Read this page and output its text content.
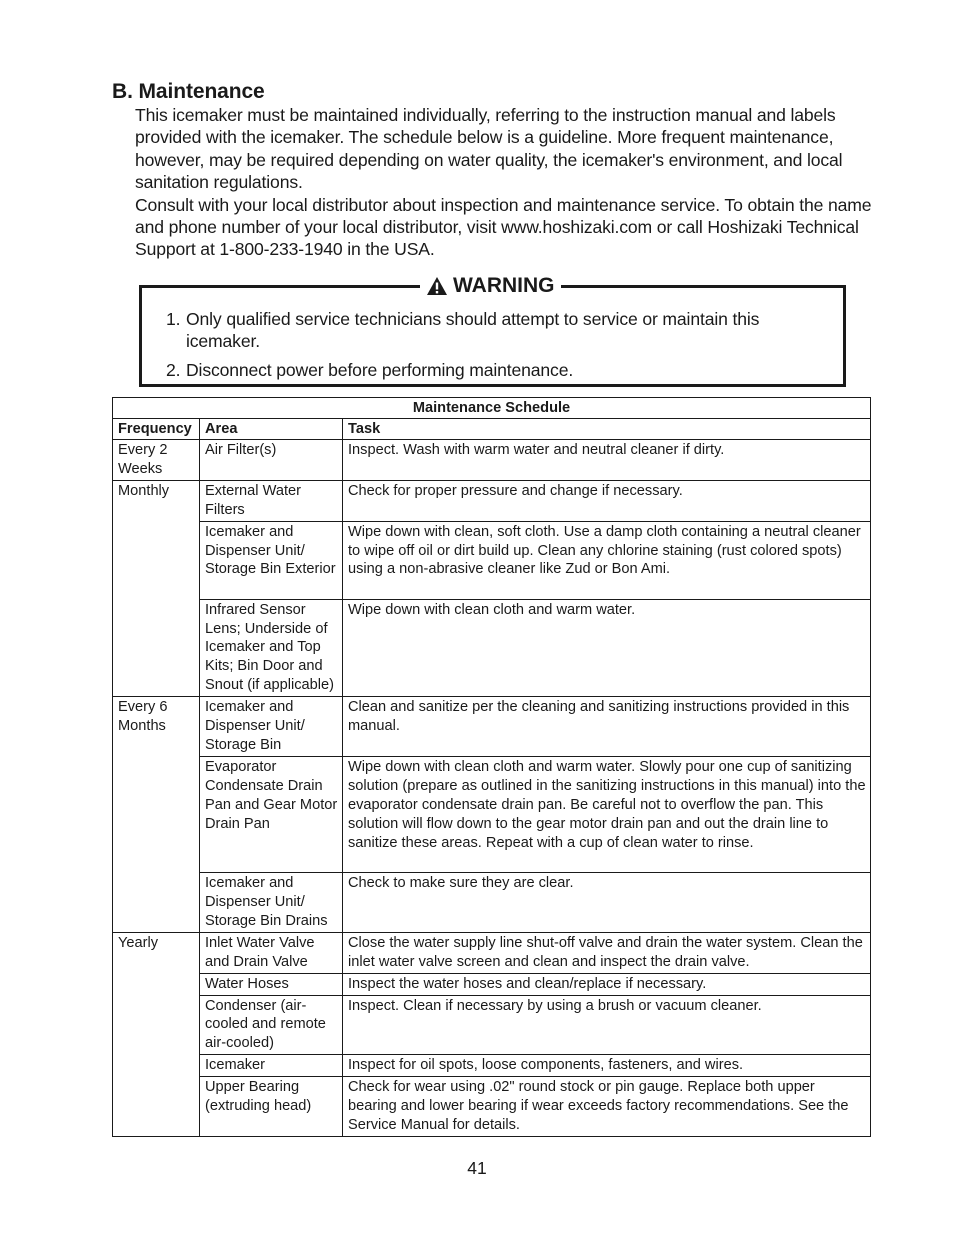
B. Maintenance

This icemaker must be maintained individually, referring to the instruction manual and labels provided with the icemaker. The schedule below is a guideline. More frequent maintenance, however, may be required depending on water quality, the icemaker's environment, and local sanitation regulations.

Consult with your local distributor about inspection and maintenance service. To obtain the name and phone number of your local distributor, visit www.hoshizaki.com or call Hoshizaki Technical Support at 1-800-233-1940 in the USA.

WARNING
1. Only qualified service technicians should attempt to service or maintain this icemaker.
2. Disconnect power before performing maintenance.
Maintenance Schedule		
Frequency	Area	Task
Every 2 Weeks	Air Filter(s)	Inspect. Wash with warm water and neutral cleaner if dirty.
Monthly	External Water Filters	Check for proper pressure and change if necessary.
	Icemaker and Dispenser Unit/ Storage Bin Exterior	Wipe down with clean, soft cloth. Use a damp cloth containing a neutral cleaner to wipe off oil or dirt build up. Clean any chlorine staining (rust colored spots) using a non-abrasive cleaner like Zud or Bon Ami.
	Infrared Sensor Lens; Underside of Icemaker and Top Kits; Bin Door and Snout (if applicable)	Wipe down with clean cloth and warm water.
Every 6 Months	Icemaker and Dispenser Unit/ Storage Bin	Clean and sanitize per the cleaning and sanitizing instructions provided in this manual.
	Evaporator Condensate Drain Pan and Gear Motor Drain Pan	Wipe down with clean cloth and warm water. Slowly pour one cup of sanitizing solution (prepare as outlined in the sanitizing instructions in this manual) into the evaporator condensate drain pan. Be careful not to overflow the pan. This solution will flow down to the gear motor drain pan and out the drain line to sanitize these areas. Repeat with a cup of clean water to rinse.
	Icemaker and Dispenser Unit/ Storage Bin Drains	Check to make sure they are clear.
Yearly	Inlet Water Valve and Drain Valve	Close the water supply line shut-off valve and drain the water system. Clean the inlet water valve screen and clean and inspect the drain valve.
	Water Hoses	Inspect the water hoses and clean/replace if necessary.
	Condenser (air-cooled and remote air-cooled)	Inspect. Clean if necessary by using a brush or vacuum cleaner.
	Icemaker	Inspect for oil spots, loose components, fasteners, and wires.
	Upper Bearing (extruding head)	Check for wear using .02" round stock or pin gauge. Replace both upper bearing and lower bearing if wear exceeds factory recommendations. See the Service Manual for details.
41
